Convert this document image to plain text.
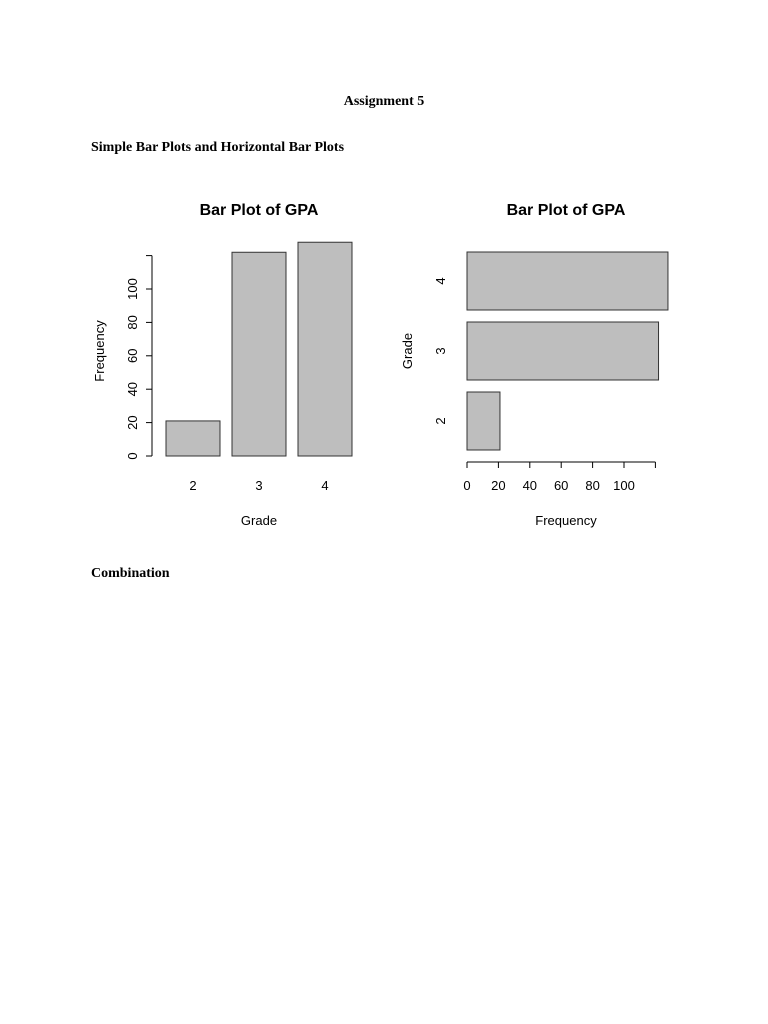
Assignment 5
Simple Bar Plots and Horizontal Bar Plots
Combination
Bar Plot of GPA
Grade
Frequency
2	3	4
0
20
40
60
80
100
Bar Plot of GPA
Frequency
Grade
2
3
4
0 20 40 60 80 100
